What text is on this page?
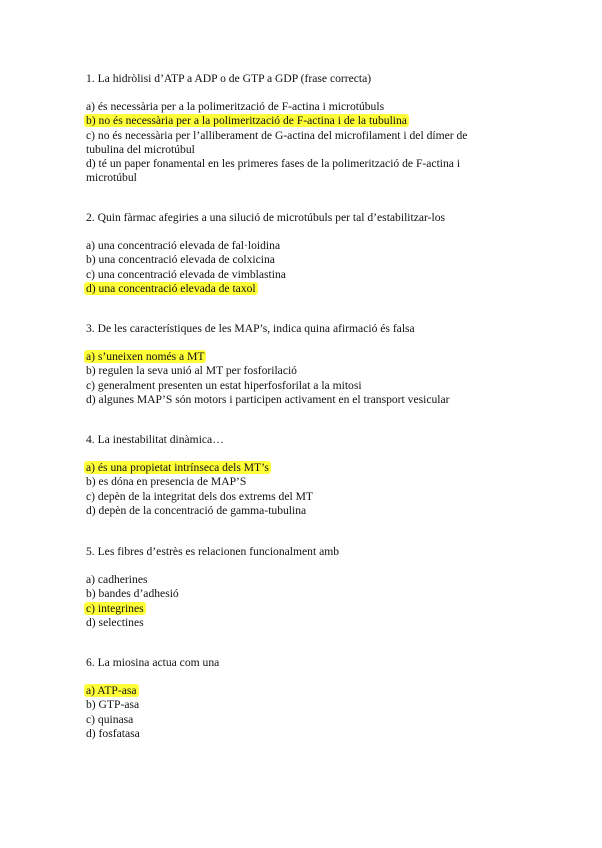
1. La hidròlisi d’ATP a ADP o de GTP a GDP (frase correcta)
a) és necessària per a la polimerització de F-actina i microtúbuls
b) no és necessària per a la polimerització de F-actina i de la tubulina
c) no és necessària per l’alliberament de G-actina del microfilament i del dímer de
tubulina del microtúbul
d) té un paper fonamental en les primeres fases de la polimerització de F-actina i
microtúbul
2. Quin fàrmac afegiries a una silució de microtúbuls per tal d’estabilitzar-los
a) una concentració elevada de fal·loidina
b) una concentració elevada de colxicina
c) una concentració elevada de vimblastina
d) una concentració elevada de taxol
3. De les característiques de les MAP’s, indica quina afirmació és falsa
a) s’uneixen només a MT
b) regulen la seva unió al MT per fosforilació
c) generalment presenten un estat hiperfosforilat a la mitosi
d) algunes MAP’S són motors i participen activament en el transport vesicular
4. La inestabilitat dinàmica…
a) és una propietat intrínseca dels MT’s
b) es dóna en presencia de MAP’S
c) depèn de la integritat dels dos extrems del MT
d) depèn de la concentració de gamma-tubulina
5. Les fibres d’estrès es relacionen funcionalment amb
a) cadherines
b) bandes d’adhesió
c) integrines
d) selectines
6. La miosina actua com una
a) ATP-asa
b) GTP-asa
c) quinasa
d) fosfatasa
